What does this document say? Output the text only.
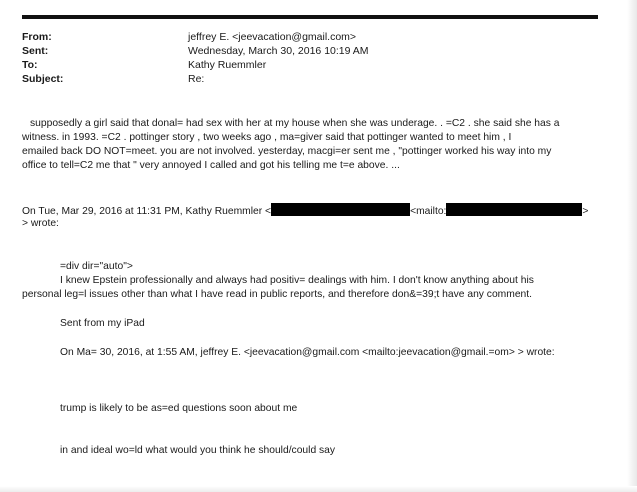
From:	jeffrey E. <jeevacation@gmail.com>
Sent:	Wednesday, March 30, 2016 10:19 AM
To:	Kathy Ruemmler
Subject:	Re:
supposedly a girl said that donal= had sex with her at my house when she was underage. . =C2 . she said she has a
witness. in 1993. =C2 . pottinger story , two weeks ago , ma=giver said that pottinger wanted to meet him , I
emailed back DO NOT=meet. you are not involved. yesterday, macgi=er sent me , "pottinger worked his way into my
office to tell=C2 me that " very annoyed I called and got his telling me t=e above. ...
On Tue, Mar 29, 2016 at 11:31 PM, Kathy Ruemmler <	<mailto:	>
> wrote:
=div dir="auto">
I knew Epstein professionally and always had positiv= dealings with him. I don't know anything about his
personal leg=l issues other than what I have read in public reports, and therefore don&=39;t have any comment.
Sent from my iPad
On Ma= 30, 2016, at 1:55 AM, jeffrey E. <jeevacation@gmail.com <mailto:jeevacation@gmail.=om> > wrote:
trump is likely to be as=ed questions soon about me
in and ideal wo=ld what would you think he should/could say
